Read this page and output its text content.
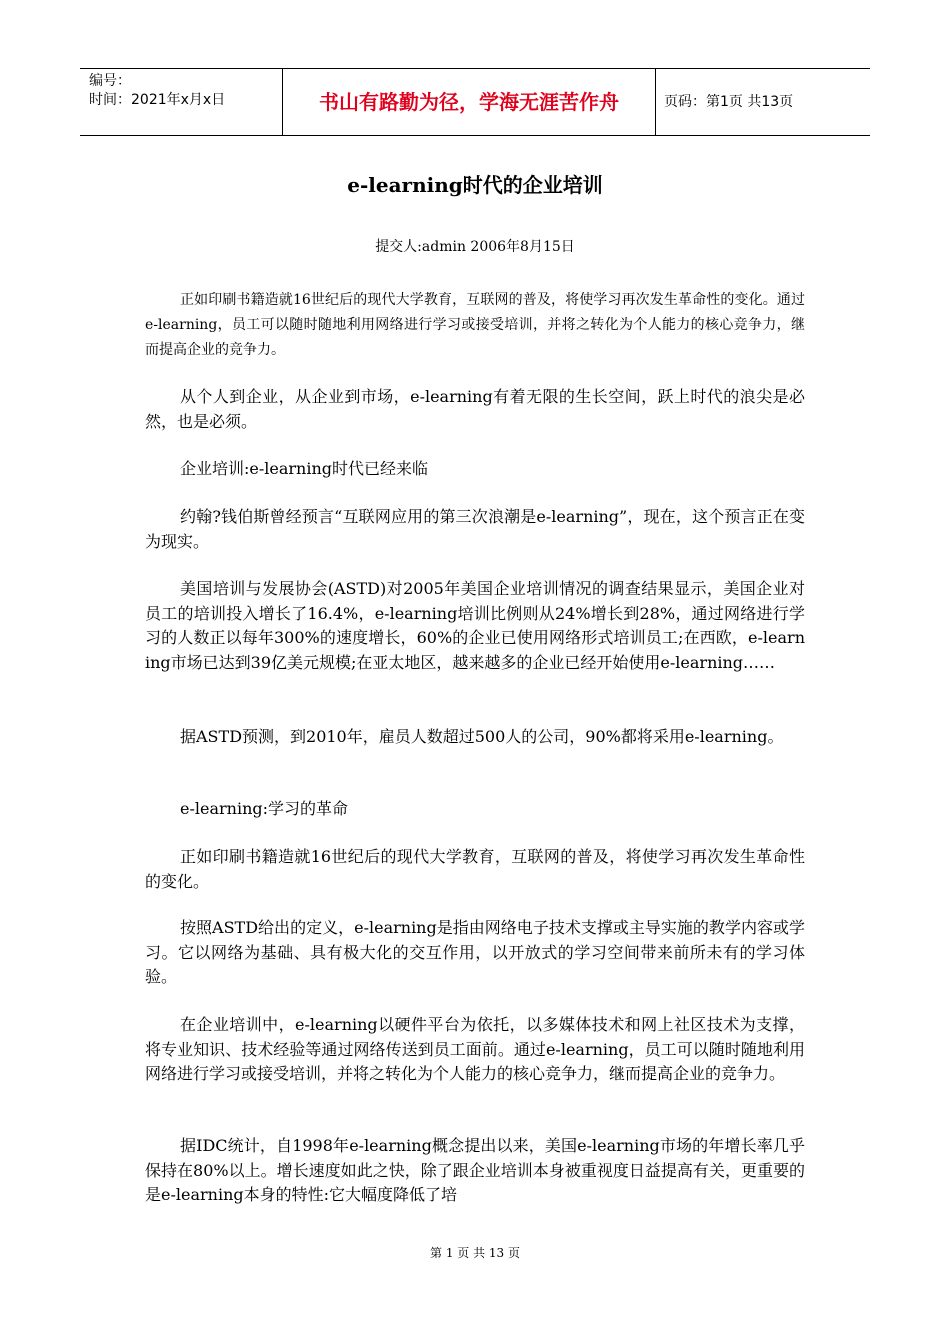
编号：
时间：2021年x月x日	书山有路勤为径，学海无涯苦作舟	页码：第1页 共13页
e-learning时代的企业培训
提交人:admin 2006年8月15日

正如印刷书籍造就16世纪后的现代大学教育，互联网的普及，将使学习再次发生革命性的变化。通过e-learning，员工可以随时随地利用网络进行学习或接受培训，并将之转化为个人能力的核心竞争力，继而提高企业的竞争力。

从个人到企业，从企业到市场，e-learning有着无限的生长空间，跃上时代的浪尖是必然，也是必须。

企业培训:e-learning时代已经来临

约翰?钱伯斯曾经预言“互联网应用的第三次浪潮是e-learning”，现在，这个预言正在变为现实。

美国培训与发展协会(ASTD)对2005年美国企业培训情况的调查结果显示，美国企业对员工的培训投入增长了16.4%，e-learning培训比例则从24%增长到28%，通过网络进行学习的人数正以每年300%的速度增长，60%的企业已使用网络形式培训员工;在西欧，e-learning市场已达到39亿美元规模;在亚太地区，越来越多的企业已经开始使用e-learning……

据ASTD预测，到2010年，雇员人数超过500人的公司，90%都将采用e-learning。

e-learning:学习的革命

正如印刷书籍造就16世纪后的现代大学教育，互联网的普及，将使学习再次发生革命性的变化。

按照ASTD给出的定义，e-learning是指由网络电子技术支撑或主导实施的教学内容或学习。它以网络为基础、具有极大化的交互作用，以开放式的学习空间带来前所未有的学习体验。

在企业培训中，e-learning以硬件平台为依托，以多媒体技术和网上社区技术为支撑，将专业知识、技术经验等通过网络传送到员工面前。通过e-learning，员工可以随时随地利用网络进行学习或接受培训，并将之转化为个人能力的核心竞争力，继而提高企业的竞争力。

据IDC统计，自1998年e-learning概念提出以来，美国e-learning市场的年增长率几乎保持在80%以上。增长速度如此之快，除了跟企业培训本身被重视度日益提高有关，更重要的是e-learning本身的特性:它大幅度降低了培

第 1 页 共 13 页
